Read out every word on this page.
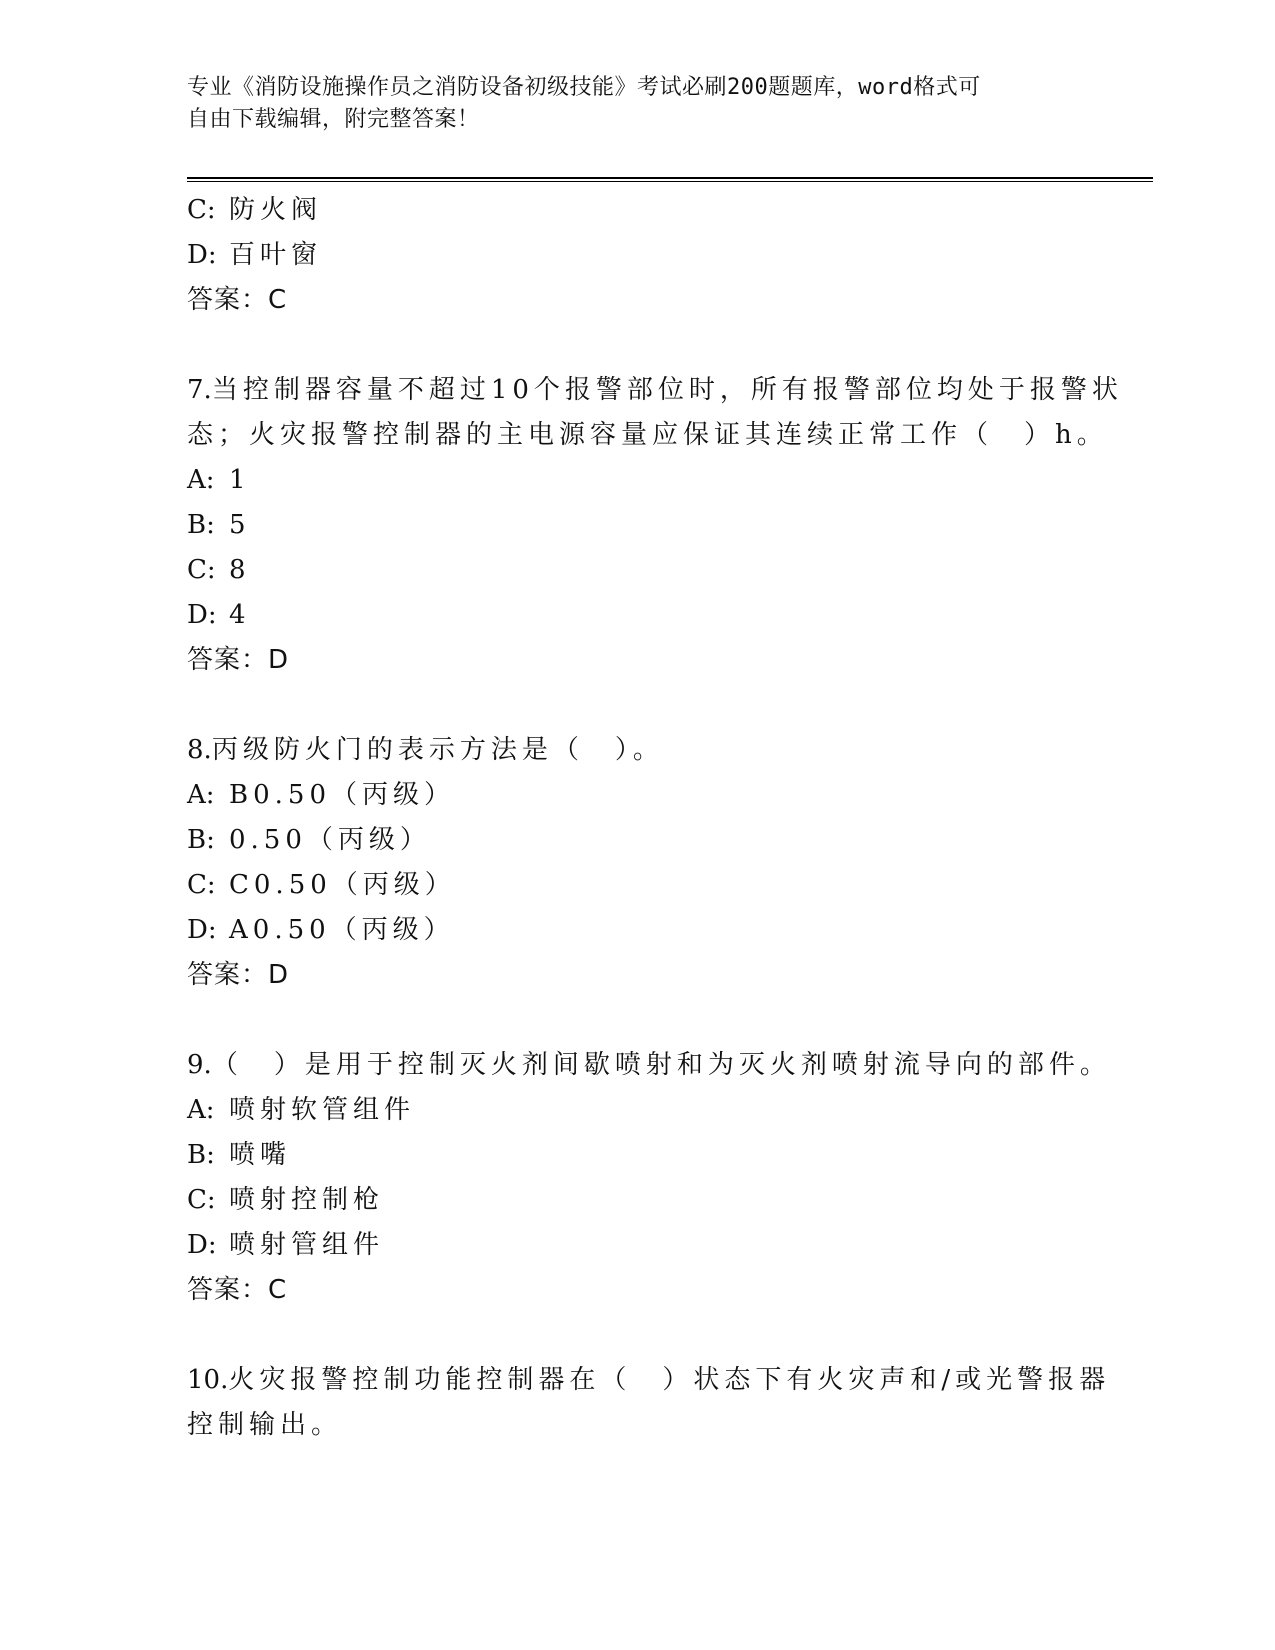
专业《消防设施操作员之消防设备初级技能》考试必刷200题题库，word格式可
自由下载编辑，附完整答案！
C: 防火阀
D: 百叶窗
答案：C
7.当控制器容量不超过10个报警部位时，所有报警部位均处于报警状
态；火灾报警控制器的主电源容量应保证其连续正常工作（　）h。
A: 1
B: 5
C: 8
D: 4
答案：D
8.丙级防火门的表示方法是（　）。
A: B0.50（丙级）
B: 0.50（丙级）
C: C0.50（丙级）
D: A0.50（丙级）
答案：D
9.（　）是用于控制灭火剂间歇喷射和为灭火剂喷射流导向的部件。
A: 喷射软管组件
B: 喷嘴
C: 喷射控制枪
D: 喷射管组件
答案：C
10.火灾报警控制功能控制器在（　）状态下有火灾声和/或光警报器
控制输出。
